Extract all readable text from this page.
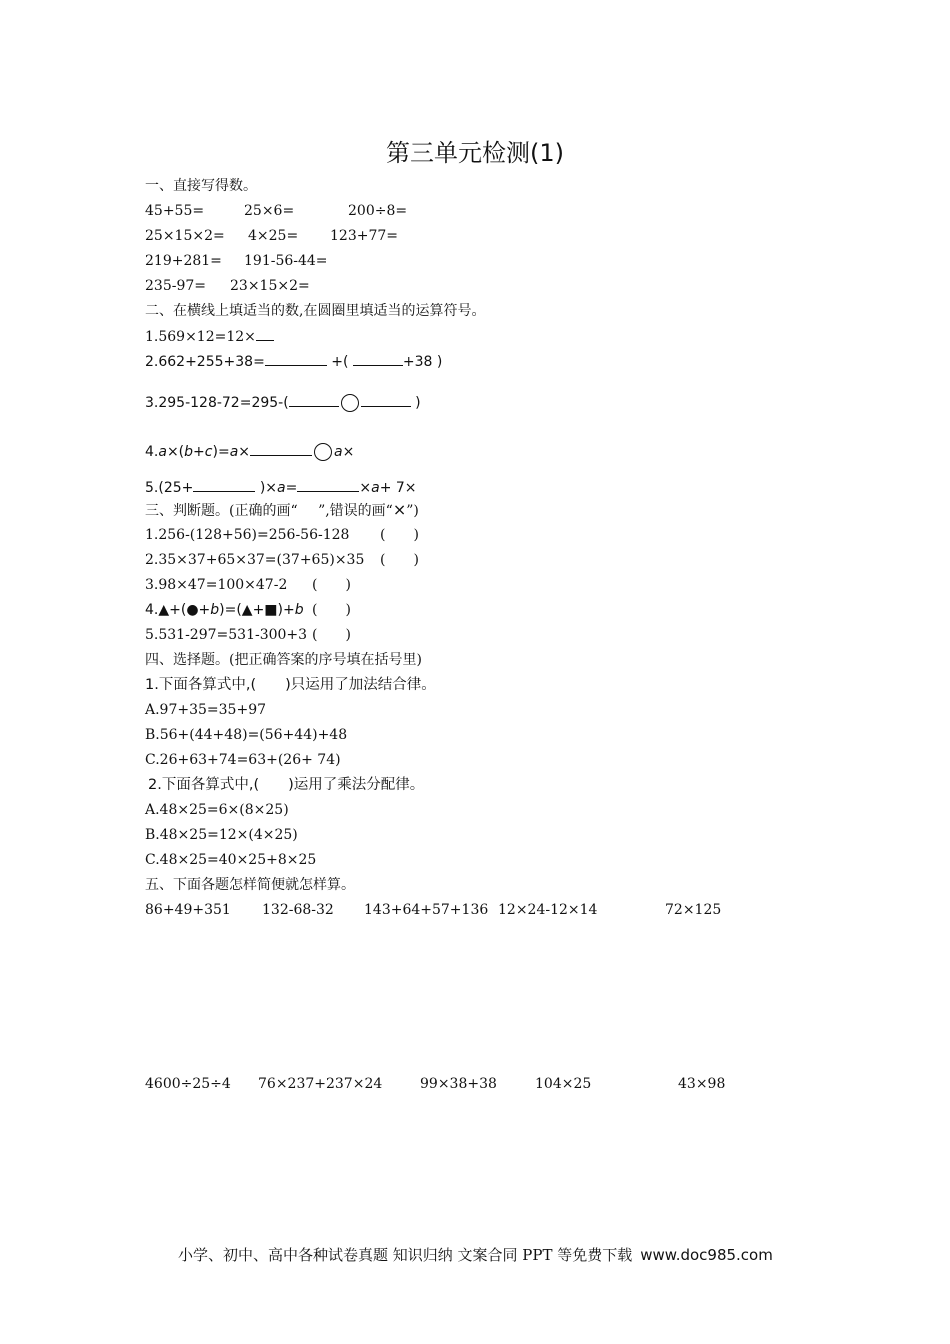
第三单元检测(1)
一、直接写得数。
45+55=	25×6=	200÷8=
25×15×2= 4×25= 123+77=
219+281= 191-56-44=
235-97= 23×15×2=
二、在横线上填适当的数,在圆圈里填适当的运算符号。
1.569×12=12×
2.662+255+38=	+(	+38 )
3.295-128-72=295-(	)
4.a×(b+c)=a×	a×
5.(25+	)×a=	×a+ 7×
三、判断题。(正确的画“ ”,错误的画“×”)
1.256-(128+56)=256-56-128 (　　)
2.35×37+65×37=(37+65)×35 (　　)
3.98×47=100×47-2 (　　)
4.▲+(●+b)=(▲+■)+b (　　)
5.531-297=531-300+3 (　　)
四、选择题。(把正确答案的序号填在括号里)
1.下面各算式中,(　　)只运用了加法结合律。
A.97+35=35+97
B.56+(44+48)=(56+44)+48
C.26+63+74=63+(26+ 74)
2.下面各算式中,(　　)运用了乘法分配律。
A.48×25=6×(8×25)
B.48×25=12×(4×25)
C.48×25=40×25+8×25
五、下面各题怎样简便就怎样算。
86+49+351 132-68-32 143+64+57+136 12×24-12×14	72×125
4600÷25÷4 76×237+237×24	99×38+38	104×25	43×98
小学、初中、高中各种试卷真题 知识归纳 文案合同 PPT 等免费下载 www.doc985.com
